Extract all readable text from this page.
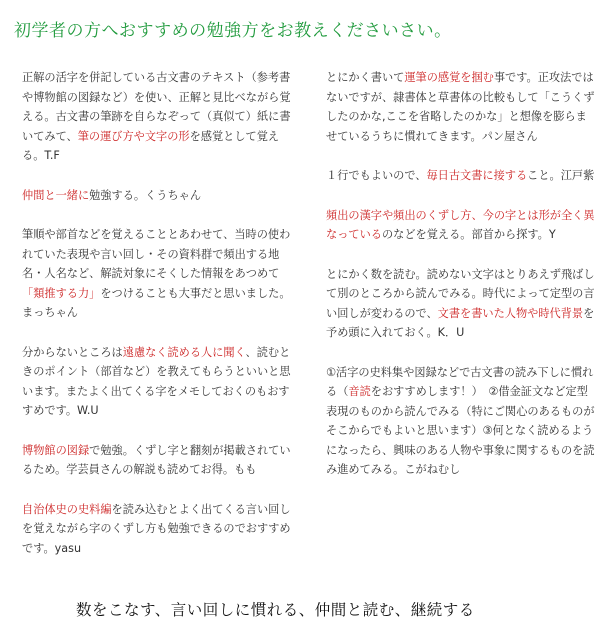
初学者の方へおすすめの勉強方をお教えくださいさい。

正解の活字を併記している古文書のテキスト（参考書や博物館の図録など）を使い、正解と見比べながら覚える。古文書の筆跡を自らなぞって（真似て）紙に書いてみて、筆の運び方や文字の形を感覚として覚える。T.F

仲間と一緒に勉強する。くうちゃん

筆順や部首などを覚えることとあわせて、当時の使われていた表現や言い回し・その資料群で頻出する地名・人名など、解読対象にそくした情報をあつめて「類推する力」をつけることも大事だと思いました。まっちゃん

分からないところは遠慮なく読める人に聞く、読むときのポイント（部首など）を教えてもらうといいと思います。またよく出てくる字をメモしておくのもおすすめです。W.U

博物館の図録で勉強。くずし字と翻刻が掲載されているため。学芸員さんの解説も読めてお得。もも

自治体史の史料編を読み込むとよく出てくる言い回しを覚えながら字のくずし方も勉強できるのでおすすめです。yasu

とにかく書いて運筆の感覚を掴む事です。正攻法ではないですが、隷書体と草書体の比較もして「こうくずしたのかな,ここを省略したのかな」と想像を膨らませているうちに慣れてきます。パン屋さん

１行でもよいので、毎日古文書に接すること。江戸紫

頻出の漢字や頻出のくずし方、今の字とは形が全く異なっているのなどを覚える。部首から探す。Y

とにかく数を読む。読めない文字はとりあえず飛ばして別のところから読んでみる。時代によって定型の言い回しが変わるので、文書を書いた人物や時代背景を予め頭に入れておく。K．U

①活字の史料集や図録などで古文書の読み下しに慣れる（音読をおすすめします！）　②借金証文など定型表現のものから読んでみる（特にご関心のあるものがそこからでもよいと思います）③何となく読めるようになったら、興味のある人物や事象に関するものを読み進めてみる。こがねむし

数をこなす、言い回しに慣れる、仲間と読む、継続する
